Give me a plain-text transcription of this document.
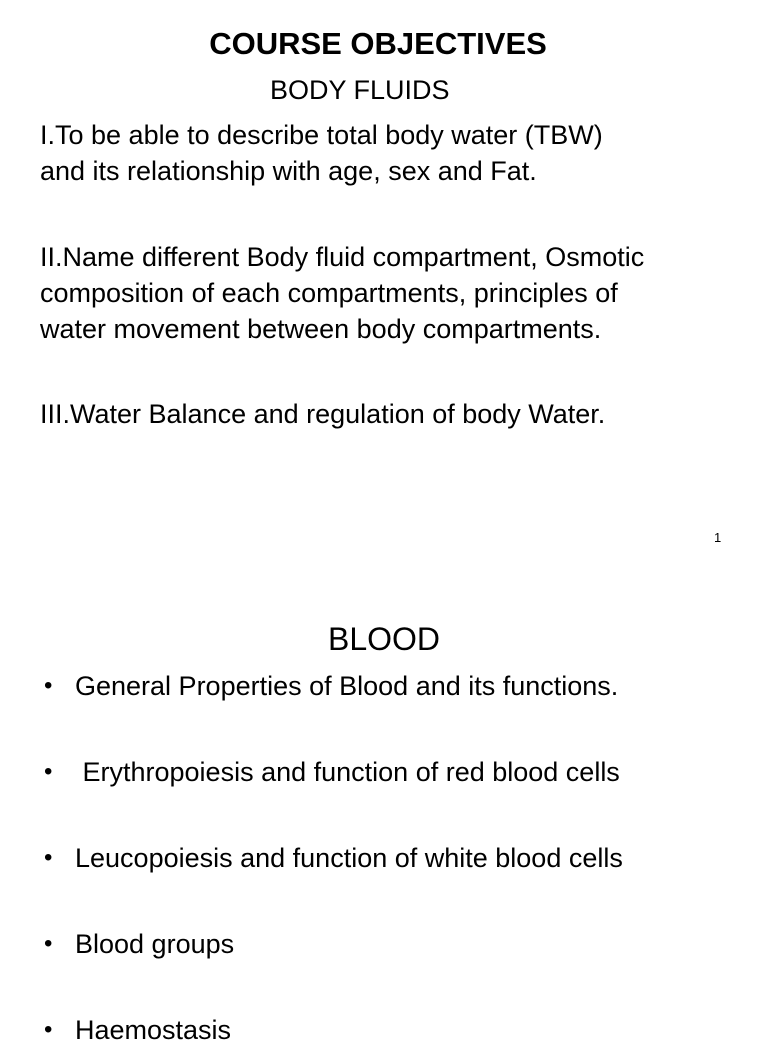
COURSE OBJECTIVES
BODY FLUIDS
I.To be able to describe total body water (TBW)
and its relationship with age, sex and Fat.
II.Name different Body fluid compartment, Osmotic
composition of each compartments, principles of
water movement between body compartments.
III.Water Balance and regulation of body Water.
1
BLOOD
• General Properties of Blood and its functions.
• Erythropoiesis and function of red blood cells
• Leucopoiesis and function of white blood cells
• Blood groups
• Haemostasis
